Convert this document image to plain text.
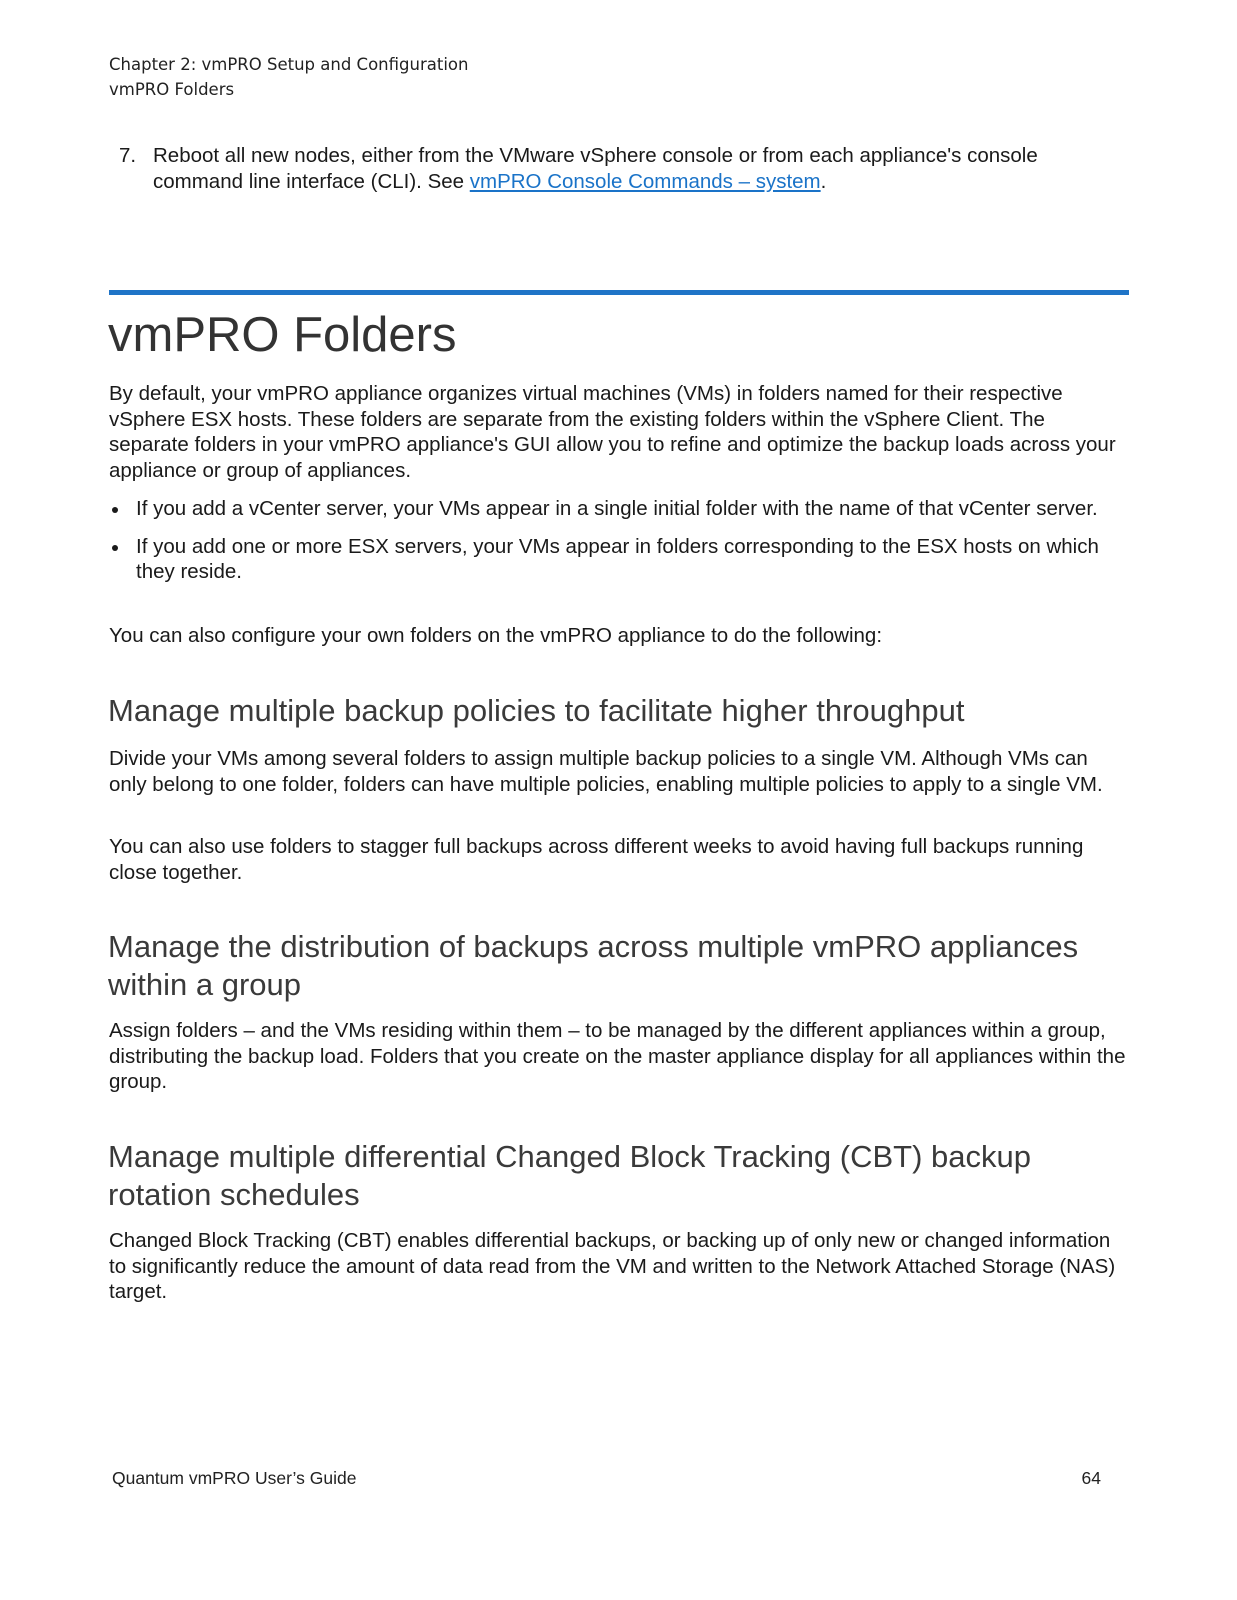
Chapter 2: vmPRO Setup and Configuration
vmPRO Folders
7. Reboot all new nodes, either from the VMware vSphere console or from each appliance's console command line interface (CLI). See vmPRO Console Commands – system.
vmPRO Folders

By default, your vmPRO appliance organizes virtual machines (VMs) in folders named for their respective vSphere ESX hosts. These folders are separate from the existing folders within the vSphere Client. The separate folders in your vmPRO appliance's GUI allow you to refine and optimize the backup loads across your appliance or group of appliances.

If you add a vCenter server, your VMs appear in a single initial folder with the name of that vCenter server.
If you add one or more ESX servers, your VMs appear in folders corresponding to the ESX hosts on which they reside.

You can also configure your own folders on the vmPRO appliance to do the following:

Manage multiple backup policies to facilitate higher throughput

Divide your VMs among several folders to assign multiple backup policies to a single VM. Although VMs can only belong to one folder, folders can have multiple policies, enabling multiple policies to apply to a single VM.

You can also use folders to stagger full backups across different weeks to avoid having full backups running close together.

Manage the distribution of backups across multiple vmPRO appliances within a group

Assign folders – and the VMs residing within them – to be managed by the different appliances within a group, distributing the backup load. Folders that you create on the master appliance display for all appliances within the group.

Manage multiple differential Changed Block Tracking (CBT) backup rotation schedules

Changed Block Tracking (CBT) enables differential backups, or backing up of only new or changed information to significantly reduce the amount of data read from the VM and written to the Network Attached Storage (NAS) target.

Quantum vmPRO User’s Guide	64
